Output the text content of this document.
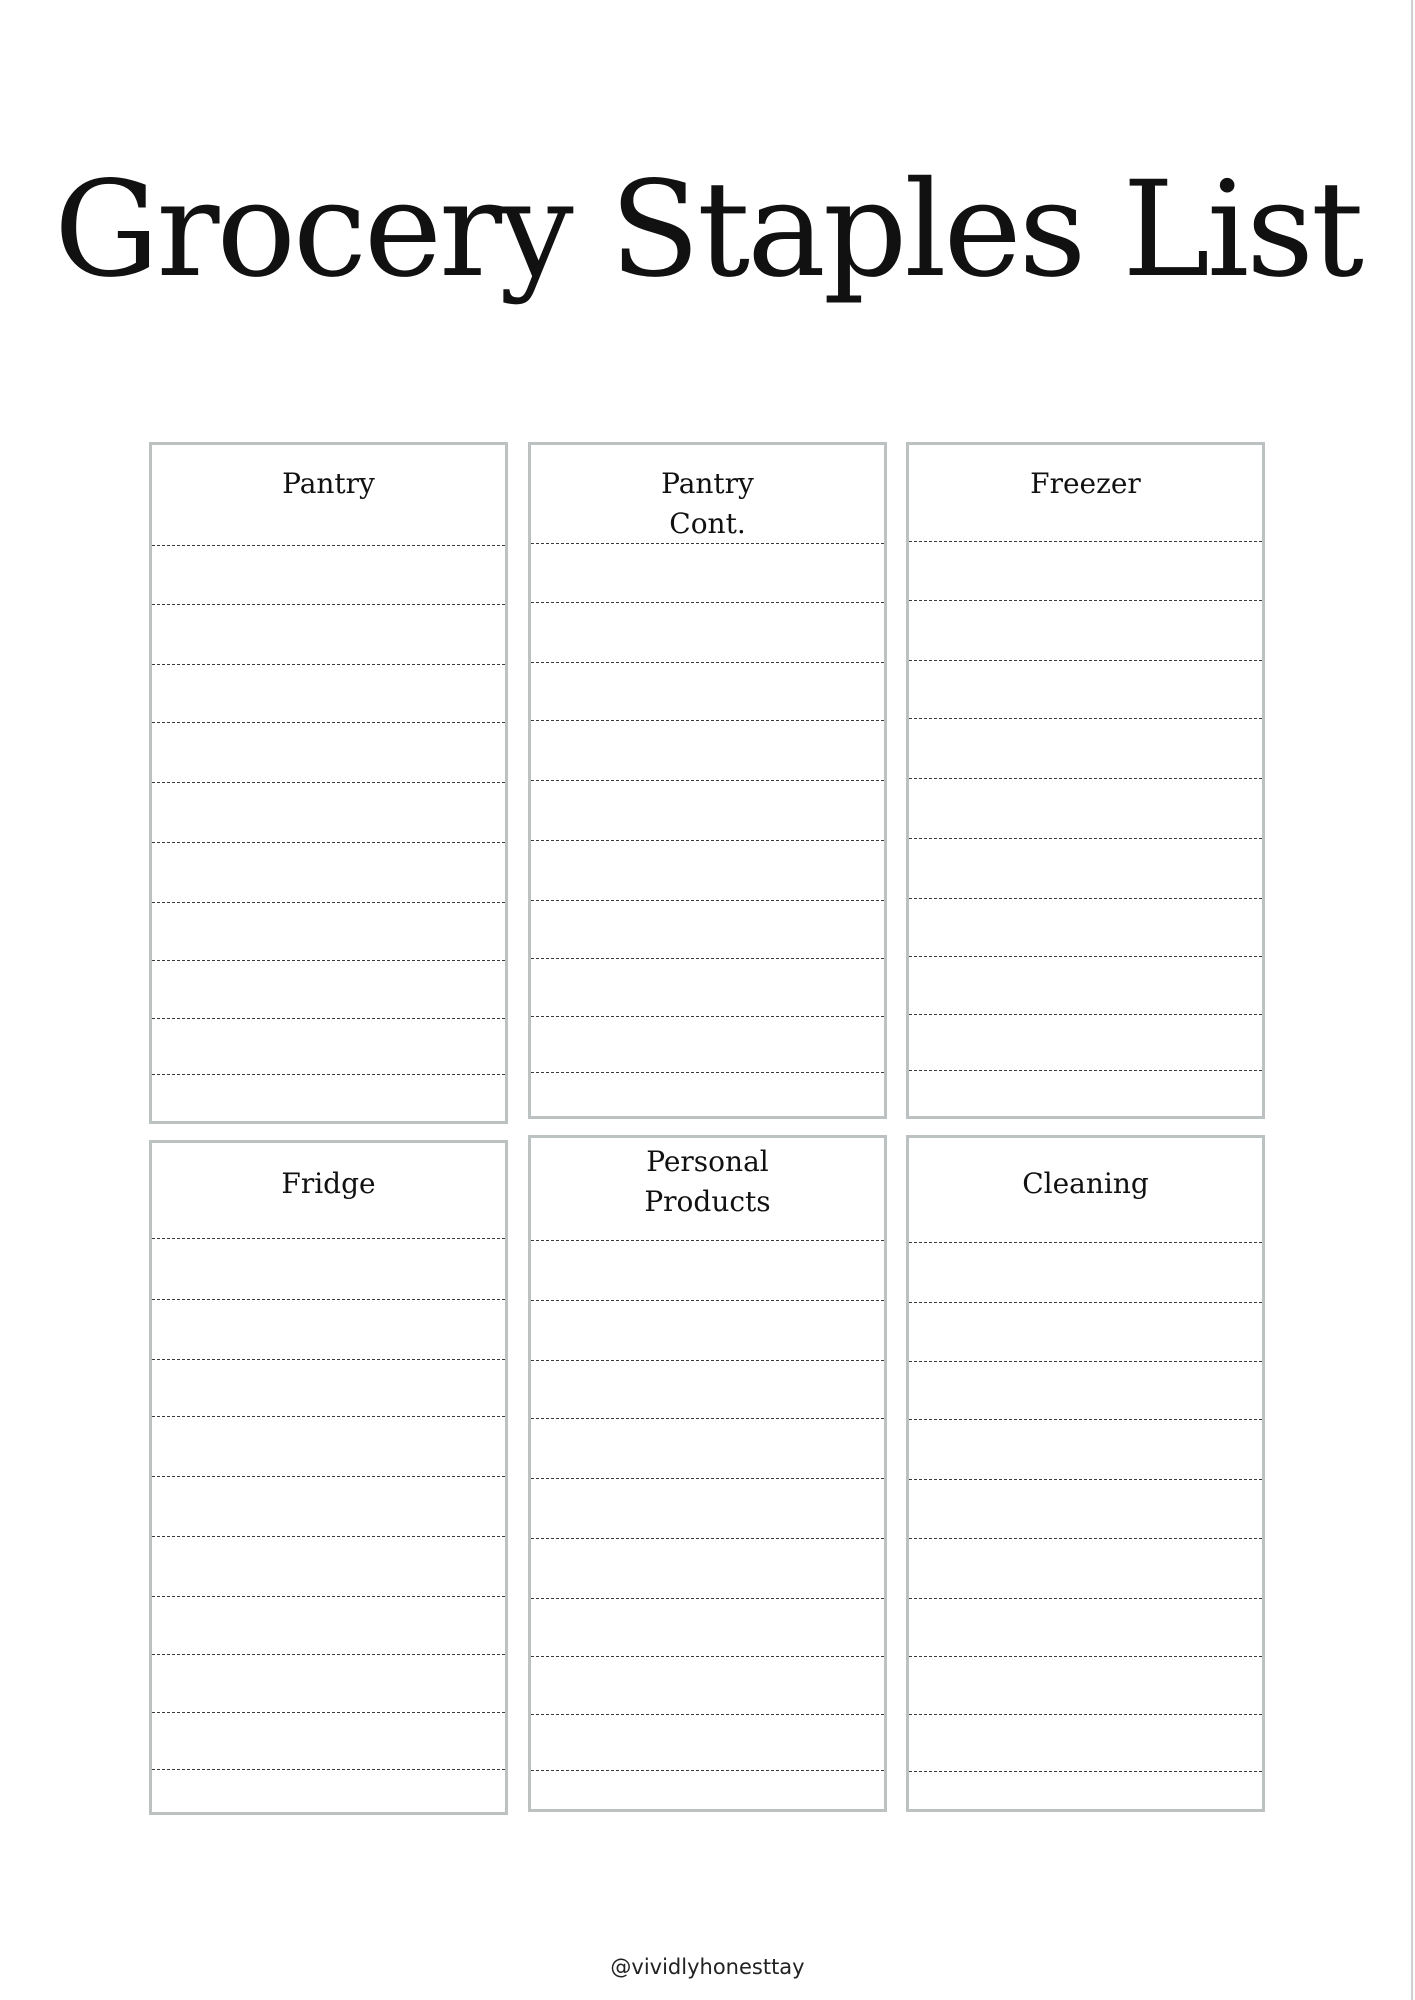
Grocery Staples List
Pantry	Pantry
Cont.
Freezer
Fridge
Personal
Products
Cleaning

@vividlyhonesttay
